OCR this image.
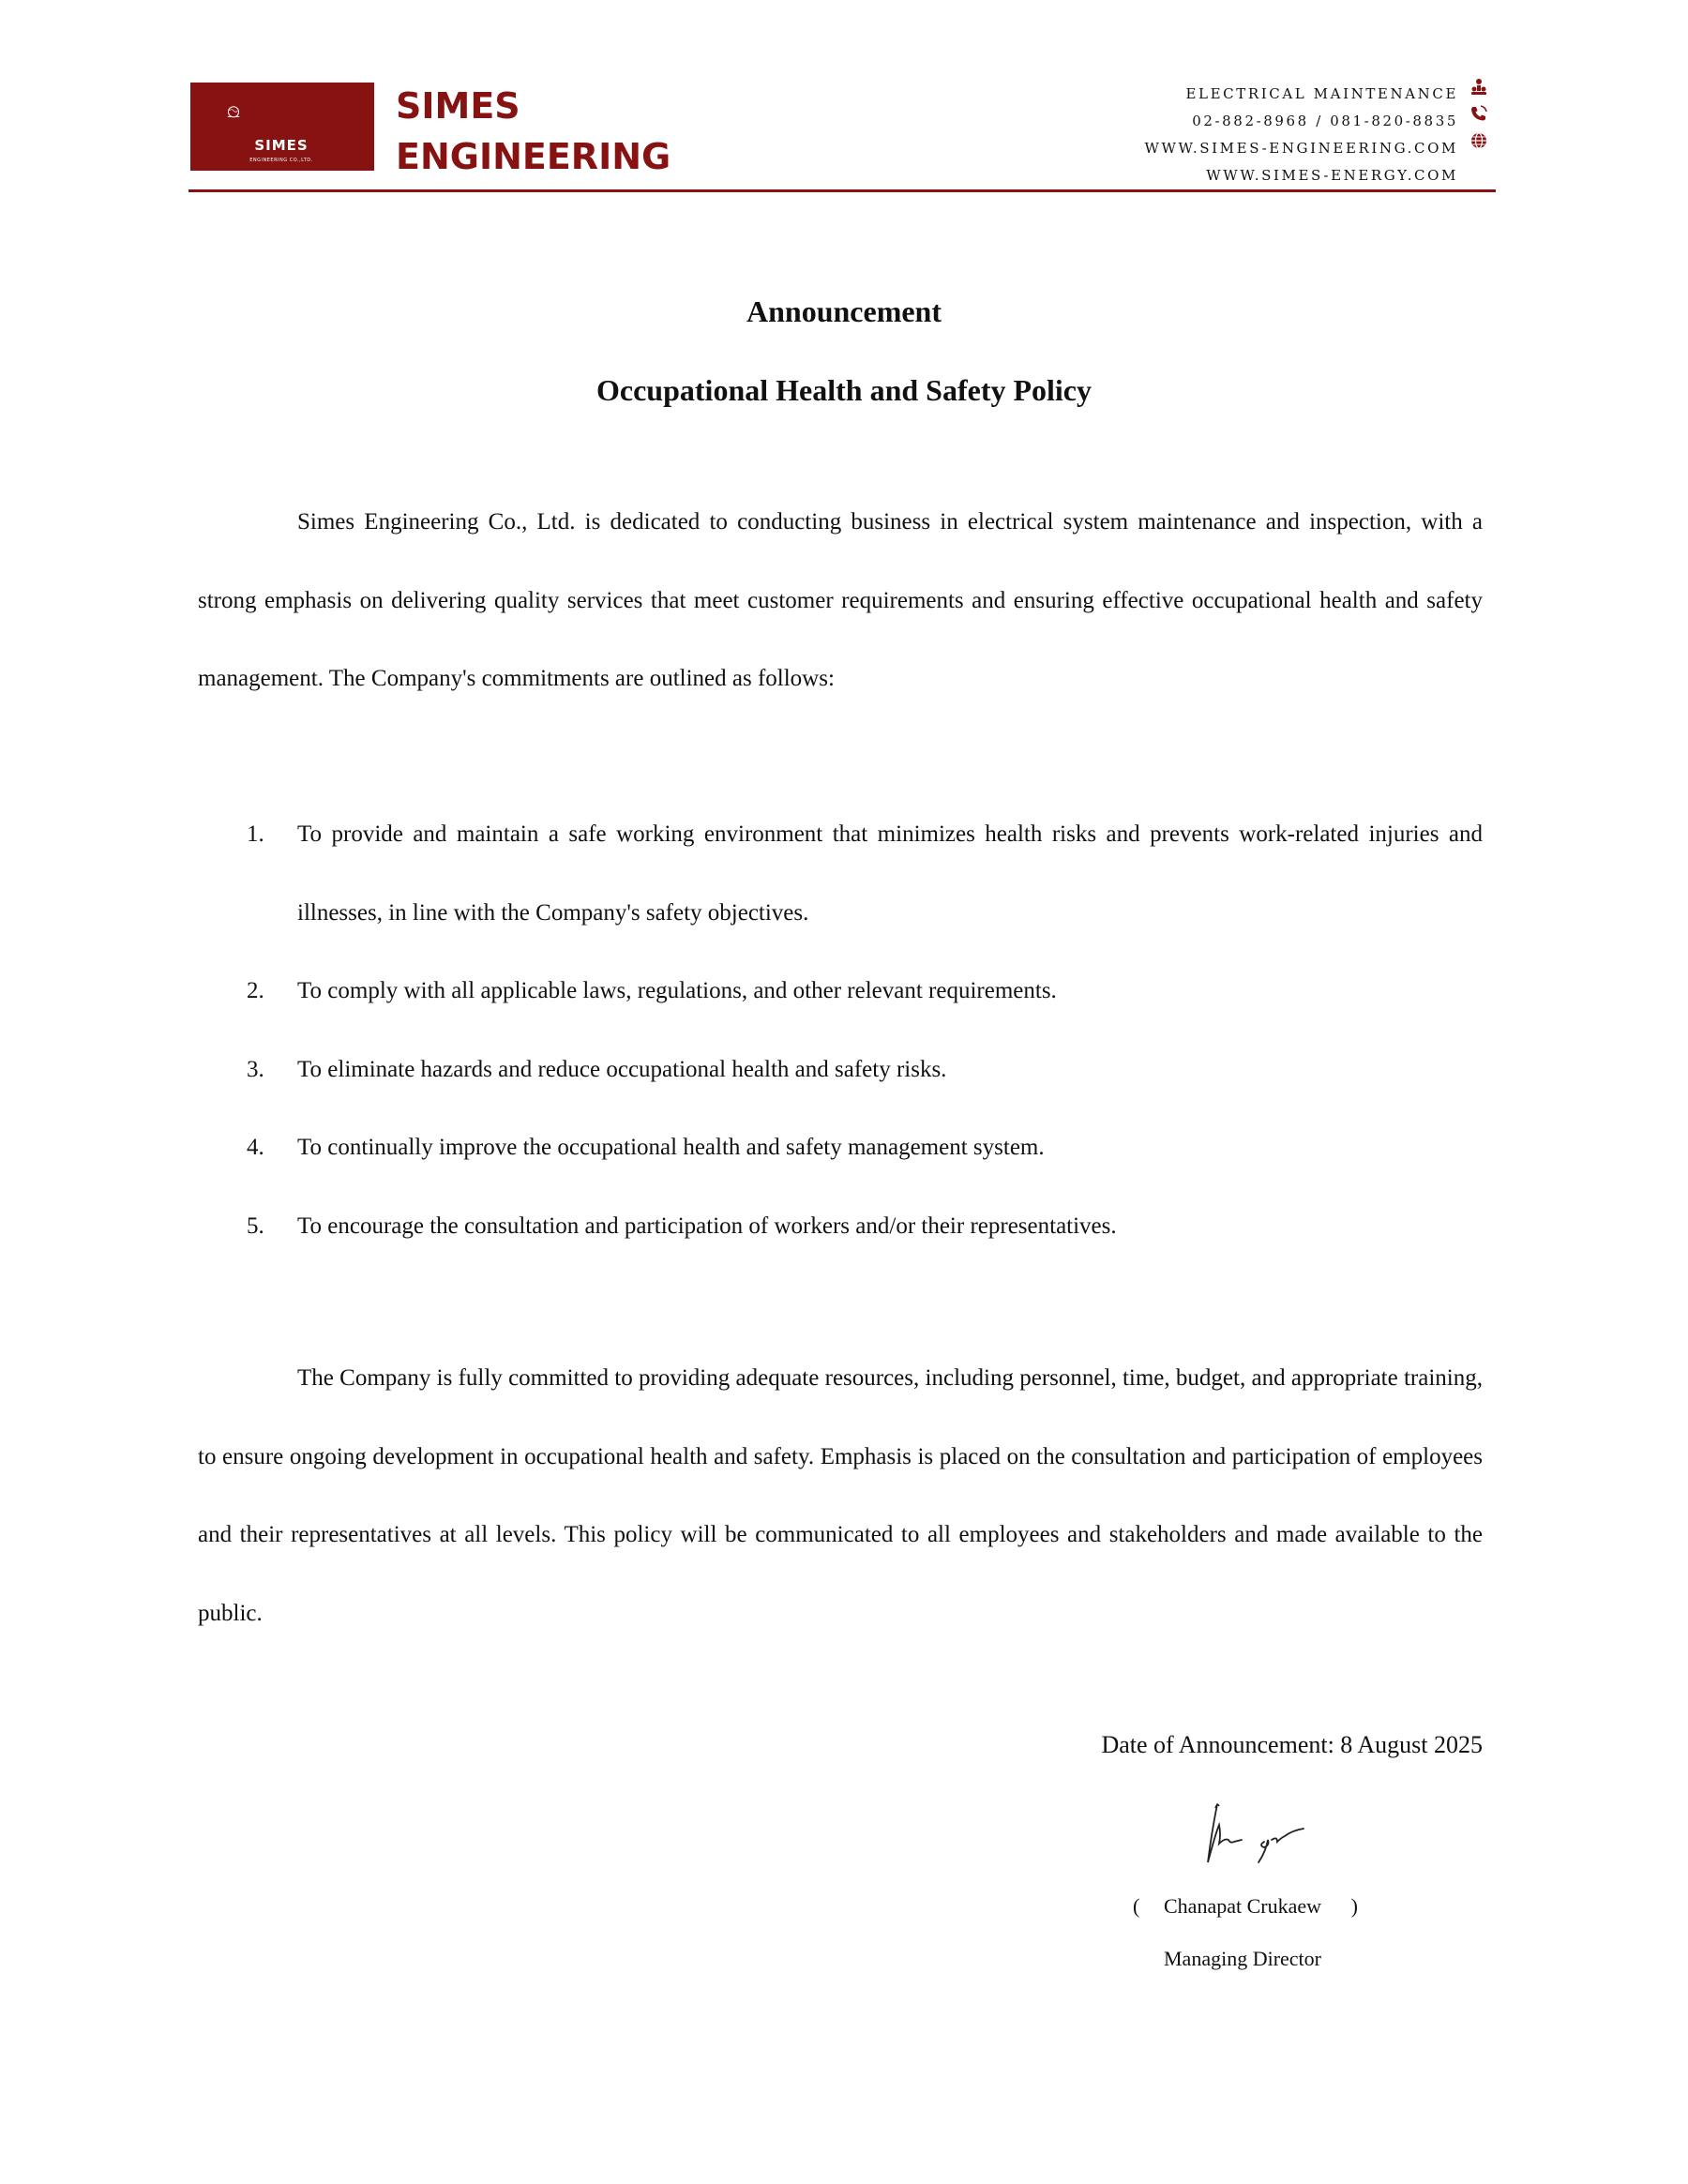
SIMES
ENGINEERING CO.,LTD.
SIMES
ENGINEERING
ELECTRICAL MAINTENANCE
02-882-8968 / 081-820-8835
WWW.SIMES-ENGINEERING.COM
WWW.SIMES-ENERGY.COM
Announcement
Occupational Health and Safety Policy

Simes Engineering Co., Ltd. is dedicated to conducting business in electrical system maintenance and inspection, with a strong emphasis on delivering quality services that meet customer requirements and ensuring effective occupational health and safety management. The Company's commitments are outlined as follows:

1. To provide and maintain a safe working environment that minimizes health risks and prevents work-related injuries and illnesses, in line with the Company's safety objectives.
2. To comply with all applicable laws, regulations, and other relevant requirements.
3. To eliminate hazards and reduce occupational health and safety risks.
4. To continually improve the occupational health and safety management system.
5. To encourage the consultation and participation of workers and/or their representatives.

The Company is fully committed to providing adequate resources, including personnel, time, budget, and appropriate training, to ensure ongoing development in occupational health and safety. Emphasis is placed on the consultation and participation of employees and their representatives at all levels. This policy will be communicated to all employees and stakeholders and made available to the public.

Date of Announcement: 8 August 2025
( Chanapat Crukaew )
Managing Director
